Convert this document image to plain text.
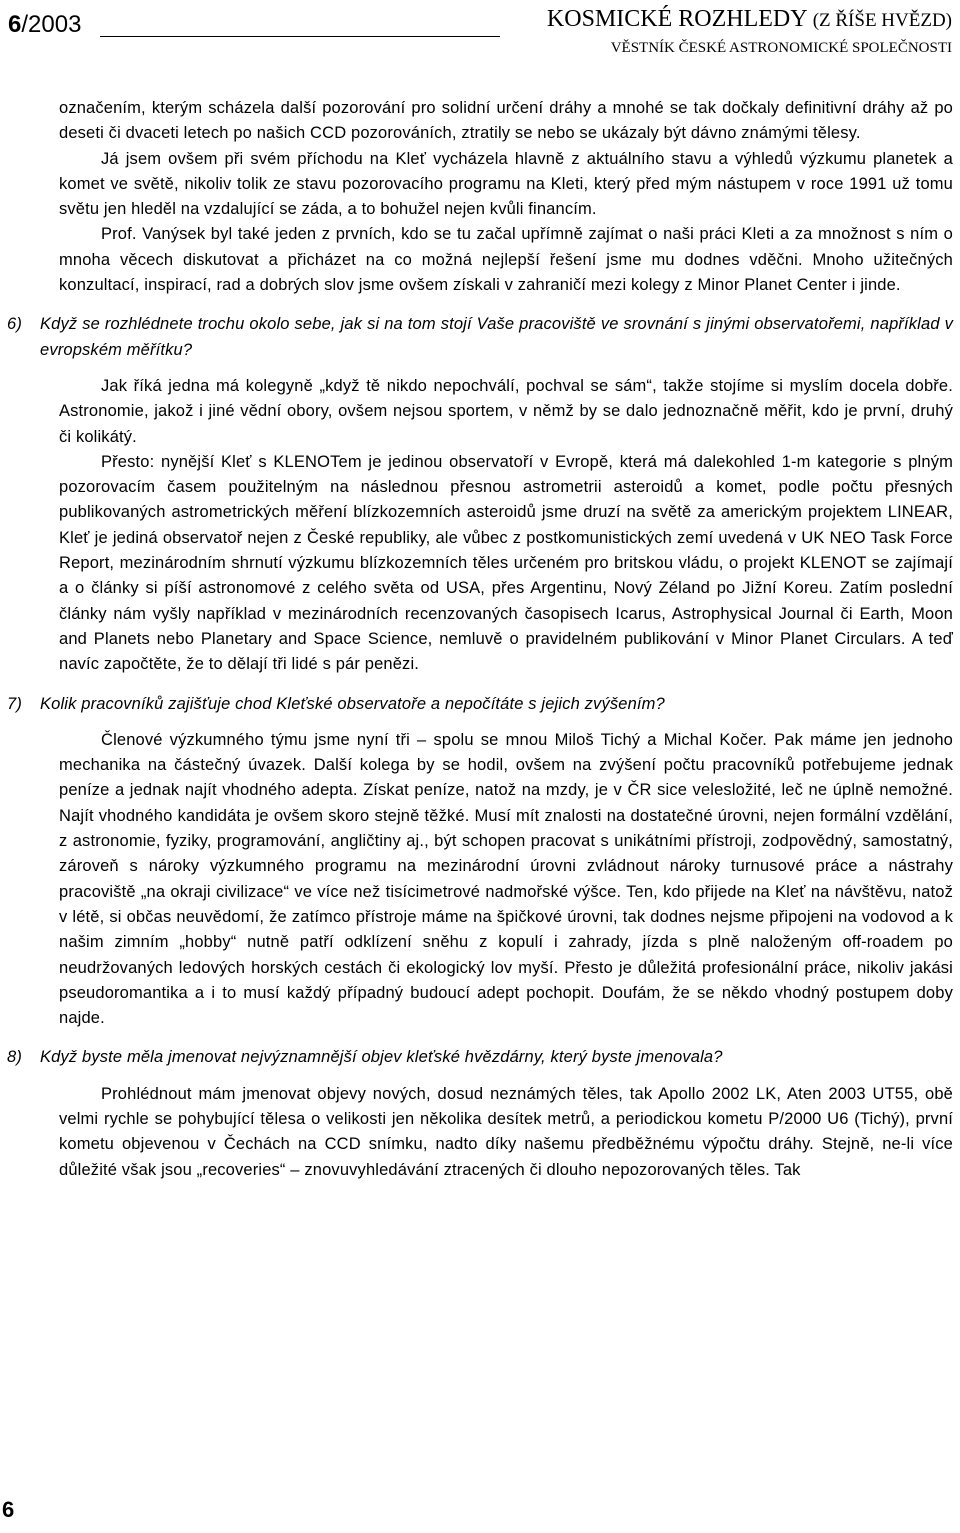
6/2003	KOSMICKÉ ROZHLEDY (Z ŘÍŠE HVĚZD)
VĚSTNÍK ČESKÉ ASTRONOMICKÉ SPOLEČNOSTI

označením, kterým scházela další pozorování pro solidní určení dráhy a mnohé se tak dočkaly definitivní dráhy až po deseti či dvaceti letech po našich CCD pozorováních, ztratily se nebo se ukázaly být dávno známými tělesy.

Já jsem ovšem při svém příchodu na Kleť vycházela hlavně z aktuálního stavu a výhledů výzkumu planetek a komet ve světě, nikoliv tolik ze stavu pozorovacího programu na Kleti, který před mým nástupem v roce 1991 už tomu světu jen hleděl na vzdalující se záda, a to bohužel nejen kvůli financím.

Prof. Vanýsek byl také jeden z prvních, kdo se tu začal upřímně zajímat o naši práci Kleti a za množnost s ním o mnoha věcech diskutovat a přicházet na co možná nejlepší řešení jsme mu dodnes vděčni. Mnoho užitečných konzultací, inspirací, rad a dobrých slov jsme ovšem získali v zahraničí mezi kolegy z Minor Planet Center i jinde.

6) Když se rozhlédnete trochu okolo sebe, jak si na tom stojí Vaše pracoviště ve srovnání s jinými observatořemi, například v evropském měřítku?

Jak říká jedna má kolegyně „když tě nikdo nepochválí, pochval se sám“, takže stojíme si myslím docela dobře. Astronomie, jakož i jiné vědní obory, ovšem nejsou sportem, v němž by se dalo jednoznačně měřit, kdo je první, druhý či kolikátý.

Přesto: nynější Kleť s KLENOTem je jedinou observatoří v Evropě, která má dalekohled 1-m kategorie s plným pozorovacím časem použitelným na následnou přesnou astrometrii asteroidů a komet, podle počtu přesných publikovaných astrometrických měření blízkozemních asteroidů jsme druzí na světě za americkým projektem LINEAR, Kleť je jediná observatoř nejen z České republiky, ale vůbec z postkomunistických zemí uvedená v UK NEO Task Force Report, mezinárodním shrnutí výzkumu blízkozemních těles určeném pro britskou vládu, o projekt KLENOT se zajímají a o články si píší astronomové z celého světa od USA, přes Argentinu, Nový Zéland po Jižní Koreu. Zatím poslední články nám vyšly například v mezinárodních recenzovaných časopisech Icarus, Astrophysical Journal či Earth, Moon and Planets nebo Planetary and Space Science, nemluvě o pravidelném publikování v Minor Planet Circulars. A teď navíc započtěte, že to dělají tři lidé s pár penězi.

7) Kolik pracovníků zajišťuje chod Kleťské observatoře a nepočítáte s jejich zvýšením?

Členové výzkumného týmu jsme nyní tři – spolu se mnou Miloš Tichý a Michal Kočer. Pak máme jen jednoho mechanika na částečný úvazek. Další kolega by se hodil, ovšem na zvýšení počtu pracovníků potřebujeme jednak peníze a jednak najít vhodného adepta. Získat peníze, natož na mzdy, je v ČR sice velesložité, leč ne úplně nemožné. Najít vhodného kandidáta je ovšem skoro stejně těžké. Musí mít znalosti na dostatečné úrovni, nejen formální vzdělání, z astronomie, fyziky, programování, angličtiny aj., být schopen pracovat s unikátními přístroji, zodpovědný, samostatný, zároveň s nároky výzkumného programu na mezinárodní úrovni zvládnout nároky turnusové práce a nástrahy pracoviště „na okraji civilizace“ ve více než tisícimetrové nadmořské výšce. Ten, kdo přijede na Kleť na návštěvu, natož v létě, si občas neuvědomí, že zatímco přístroje máme na špičkové úrovni, tak dodnes nejsme připojeni na vodovod a k našim zimním „hobby“ nutně patří odklízení sněhu z kopulí i zahrady, jízda s plně naloženým off-roadem po neudržovaných ledových horských cestách či ekologický lov myší. Přesto je důležitá profesionální práce, nikoliv jakási pseudoromantika a i to musí každý případný budoucí adept pochopit. Doufám, že se někdo vhodný postupem doby najde.

8) Když byste měla jmenovat nejvýznamnější objev kleťské hvězdárny, který byste jmenovala?

Prohlédnout mám jmenovat objevy nových, dosud neznámých těles, tak Apollo 2002 LK, Aten 2003 UT55, obě velmi rychle se pohybující tělesa o velikosti jen několika desítek metrů, a periodickou kometu P/2000 U6 (Tichý), první kometu objevenou v Čechách na CCD snímku, nadto díky našemu předběžnému výpočtu dráhy. Stejně, ne-li více důležité však jsou „recoveries“ – znovuvyhledávání ztracených či dlouho nepozorovaných těles. Tak

6
